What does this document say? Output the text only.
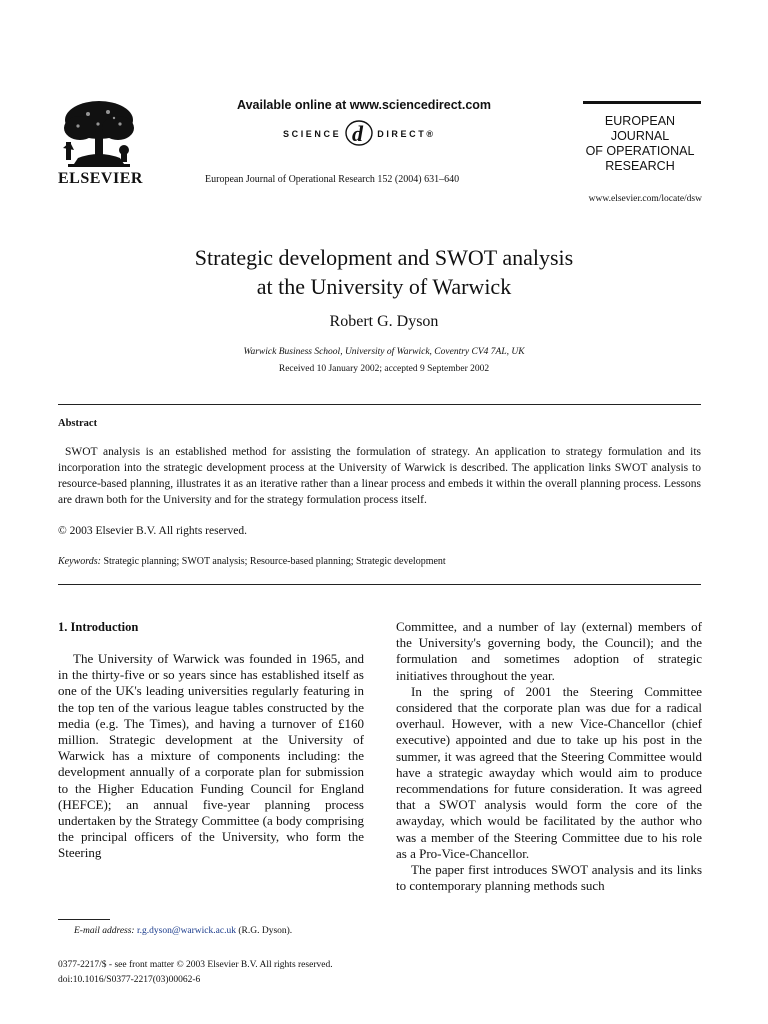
ELSEVIER
Available online at www.sciencedirect.com
SCIENCE d DIRECT®
European Journal of Operational Research 152 (2004) 631–640
EUROPEAN
JOURNAL
OF OPERATIONAL
RESEARCH
www.elsevier.com/locate/dsw
Strategic development and SWOT analysis
at the University of Warwick
Robert G. Dyson
Warwick Business School, University of Warwick, Coventry CV4 7AL, UK
Received 10 January 2002; accepted 9 September 2002
Abstract
SWOT analysis is an established method for assisting the formulation of strategy. An application to strategy formulation and its incorporation into the strategic development process at the University of Warwick is described. The application links SWOT analysis to resource-based planning, illustrates it as an iterative rather than a linear process and embeds it within the overall planning process. Lessons are drawn both for the University and for the strategy formulation process itself.
© 2003 Elsevier B.V. All rights reserved.
Keywords: Strategic planning; SWOT analysis; Resource-based planning; Strategic development
1. Introduction

The University of Warwick was founded in 1965, and in the thirty-five or so years since has established itself as one of the UK's leading universities regularly featuring in the top ten of the various league tables constructed by the media (e.g. The Times), and having a turnover of £160 million. Strategic development at the University of Warwick has a mixture of components including: the development annually of a corporate plan for submission to the Higher Education Funding Council for England (HEFCE); an annual five-year planning process undertaken by the Strategy Committee (a body comprising the principal officers of the University, who form the Steering

Committee, and a number of lay (external) members of the University's governing body, the Council); and the formulation and sometimes adoption of strategic initiatives throughout the year.

In the spring of 2001 the Steering Committee considered that the corporate plan was due for a radical overhaul. However, with a new Vice-Chancellor (chief executive) appointed and due to take up his post in the summer, it was agreed that the Steering Committee would have a strategic awayday which would aim to produce recommendations for future consideration. It was agreed that a SWOT analysis would form the core of the awayday, which would be facilitated by the author who was a member of the Steering Committee due to his role as a Pro-Vice-Chancellor.

The paper first introduces SWOT analysis and its links to contemporary planning methods such

E-mail address: r.g.dyson@warwick.ac.uk (R.G. Dyson).
0377-2217/$ - see front matter © 2003 Elsevier B.V. All rights reserved.
doi:10.1016/S0377-2217(03)00062-6
